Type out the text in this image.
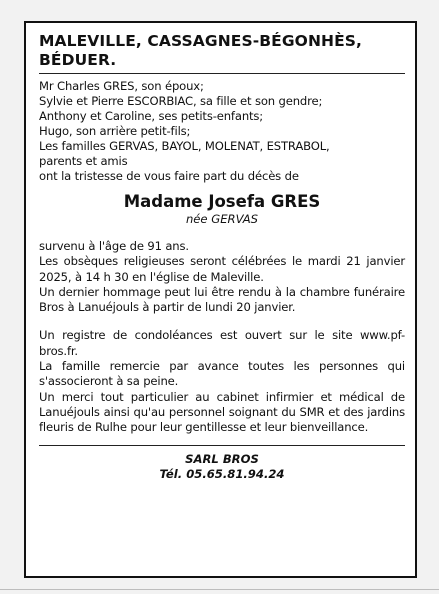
MALEVILLE, CASSAGNES-BÉGONHÈS, BÉDUER.
Mr Charles GRES, son époux;
Sylvie et Pierre ESCORBIAC, sa fille et son gendre;
Anthony et Caroline, ses petits-enfants;
Hugo, son arrière petit-fils;
Les familles GERVAS, BAYOL, MOLENAT, ESTRABOL,
parents et amis
ont la tristesse de vous faire part du décès de
Madame Josefa GRES
née GERVAS
survenu à l'âge de 91 ans.
Les obsèques religieuses seront célébrées le mardi 21 janvier 2025, à 14 h 30 en l'église de Maleville.
Un dernier hommage peut lui être rendu à la chambre funéraire Bros à Lanuéjouls à partir de lundi 20 janvier.
Un registre de condoléances est ouvert sur le site www.pf-bros.fr.
La famille remercie par avance toutes les personnes qui s'associeront à sa peine.
Un merci tout particulier au cabinet infirmier et médical de Lanuéjouls ainsi qu'au personnel soignant du SMR et des jardins fleuris de Rulhe pour leur gentillesse et leur bienveillance.
SARL BROS
Tél. 05.65.81.94.24
